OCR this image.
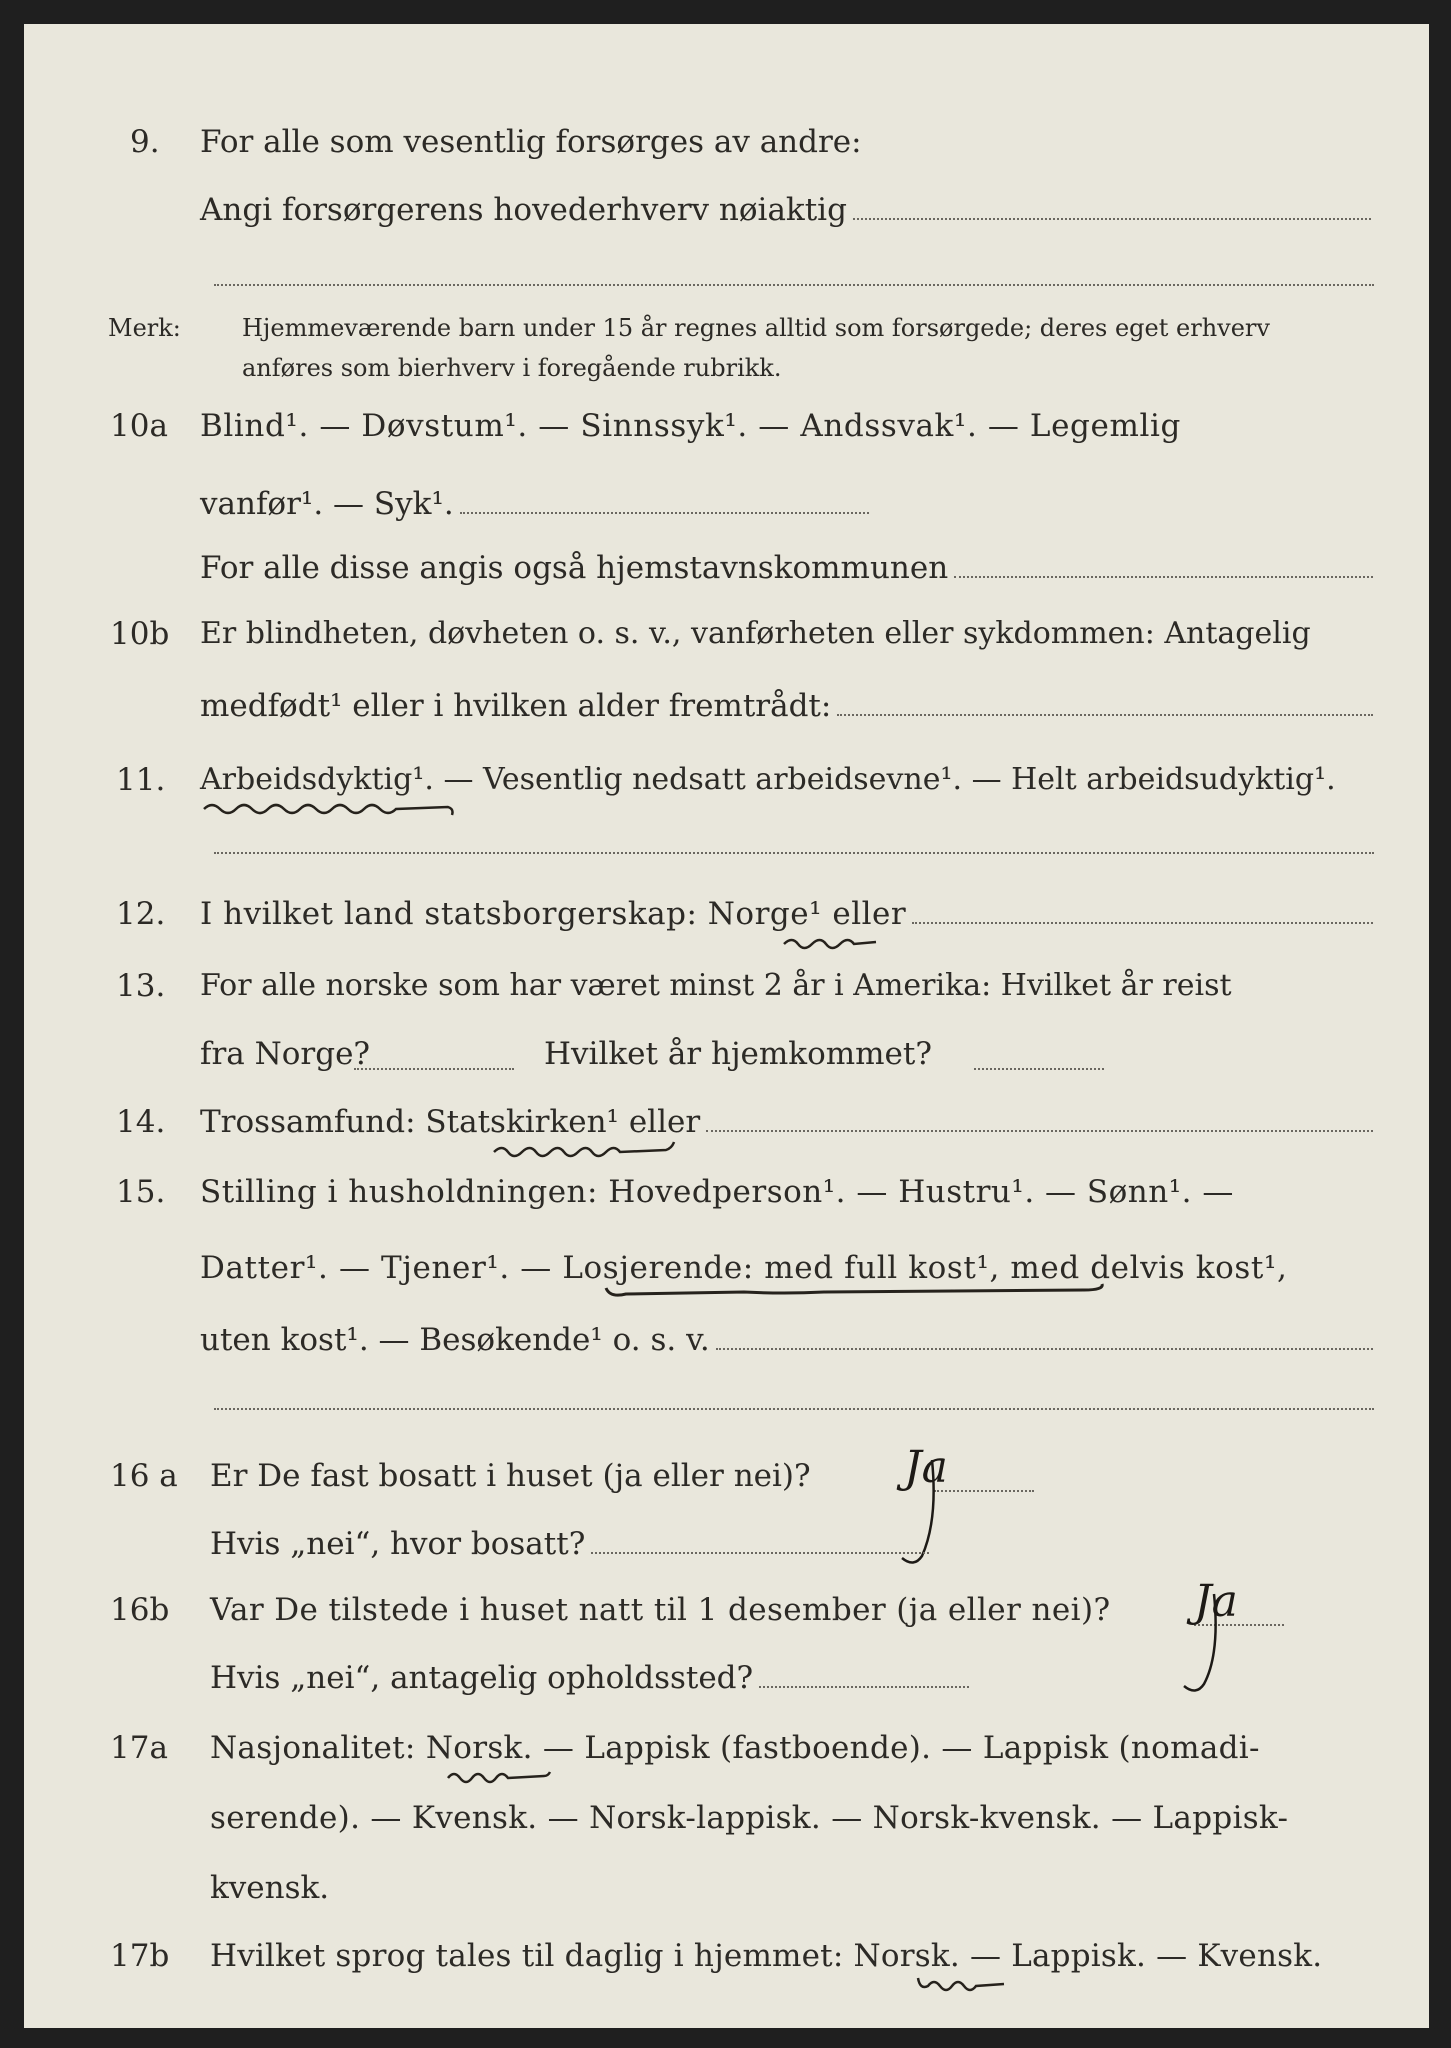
9. For alle som vesentlig forsørges av andre:
Angi forsørgerens hovederhverv nøiaktig
Merk:	Hjemmeværende barn under 15 år regnes alltid som forsørgede; deres eget erhverv
anføres som bierhverv i foregående rubrikk.
10a Blind¹. — Døvstum¹. — Sinnssyk¹. — Andssvak¹. — Legemlig
vanfør¹. — Syk¹.
For alle disse angis også hjemstavnskommunen
10b Er blindheten, døvheten o. s. v., vanførheten eller sykdommen: Antagelig
medfødt¹ eller i hvilken alder fremtrådt:
11. Arbeidsdyktig¹. — Vesentlig nedsatt arbeidsevne¹. — Helt arbeidsudyktig¹.
12. I hvilket land statsborgerskap: Norge¹ eller
13. For alle norske som har været minst 2 år i Amerika: Hvilket år reist
fra Norge?	Hvilket år hjemkommet?
14. Trossamfund: Statskirken¹ eller
15. Stilling i husholdningen: Hovedperson¹. — Hustru¹. — Sønn¹. —
Datter¹. — Tjener¹. — Losjerende: med full kost¹, med delvis kost¹,
uten kost¹. — Besøkende¹ o. s. v.
16 a Er De fast bosatt i huset (ja eller nei)? Ja
Hvis „nei“, hvor bosatt?
16b Var De tilstede i huset natt til 1 desember (ja eller nei)? Ja
Hvis „nei“, antagelig opholdssted?
17a Nasjonalitet: Norsk. — Lappisk (fastboende). — Lappisk (nomadi-
serende). — Kvensk. — Norsk-lappisk. — Norsk-kvensk. — Lappisk-
kvensk.
17b Hvilket sprog tales til daglig i hjemmet: Norsk. — Lappisk. — Kvensk.
